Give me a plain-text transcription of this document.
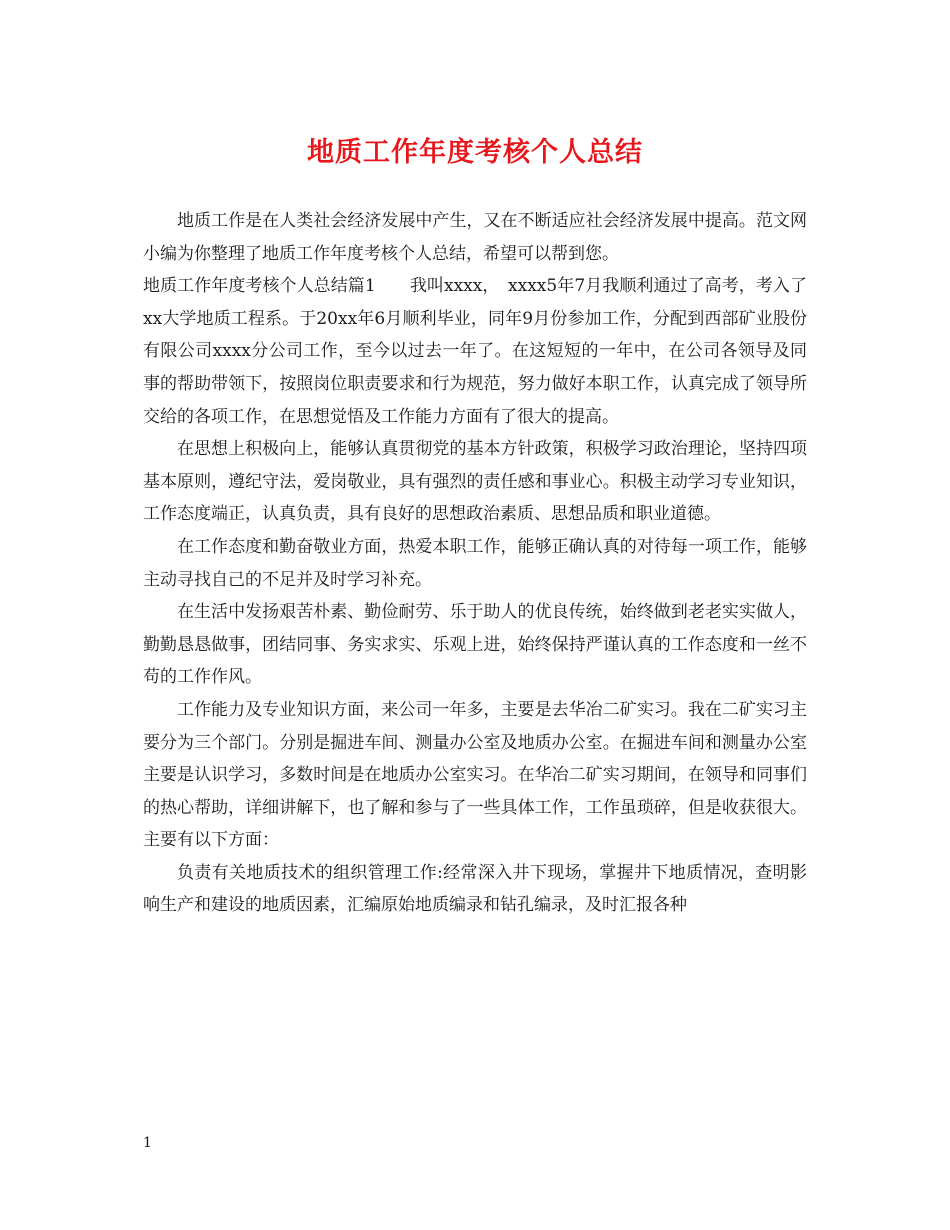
地质工作年度考核个人总结

地质工作是在人类社会经济发展中产生，又在不断适应社会经济发展中提高。范文网小编为你整理了地质工作年度考核个人总结，希望可以帮到您。

地质工作年度考核个人总结篇1　　我叫xxxx，　xxxx5年7月我顺利通过了高考，考入了xx大学地质工程系。于20xx年6月顺利毕业，同年9月份参加工作，分配到西部矿业股份有限公司xxxx分公司工作，至今以过去一年了。在这短短的一年中，在公司各领导及同事的帮助带领下，按照岗位职责要求和行为规范，努力做好本职工作，认真完成了领导所交给的各项工作，在思想觉悟及工作能力方面有了很大的提高。

在思想上积极向上，能够认真贯彻党的基本方针政策，积极学习政治理论，坚持四项基本原则，遵纪守法，爱岗敬业，具有强烈的责任感和事业心。积极主动学习专业知识，工作态度端正，认真负责，具有良好的思想政治素质、思想品质和职业道德。

在工作态度和勤奋敬业方面，热爱本职工作，能够正确认真的对待每一项工作，能够主动寻找自己的不足并及时学习补充。

在生活中发扬艰苦朴素、勤俭耐劳、乐于助人的优良传统，始终做到老老实实做人，勤勤恳恳做事，团结同事、务实求实、乐观上进，始终保持严谨认真的工作态度和一丝不苟的工作作风。

工作能力及专业知识方面，来公司一年多，主要是去华冶二矿实习。我在二矿实习主要分为三个部门。分别是掘进车间、测量办公室及地质办公室。在掘进车间和测量办公室主要是认识学习，多数时间是在地质办公室实习。在华冶二矿实习期间，在领导和同事们的热心帮助，详细讲解下，也了解和参与了一些具体工作，工作虽琐碎，但是收获很大。主要有以下方面：

负责有关地质技术的组织管理工作:经常深入井下现场，掌握井下地质情况，查明影响生产和建设的地质因素，汇编原始地质编录和钻孔编录，及时汇报各种

1
